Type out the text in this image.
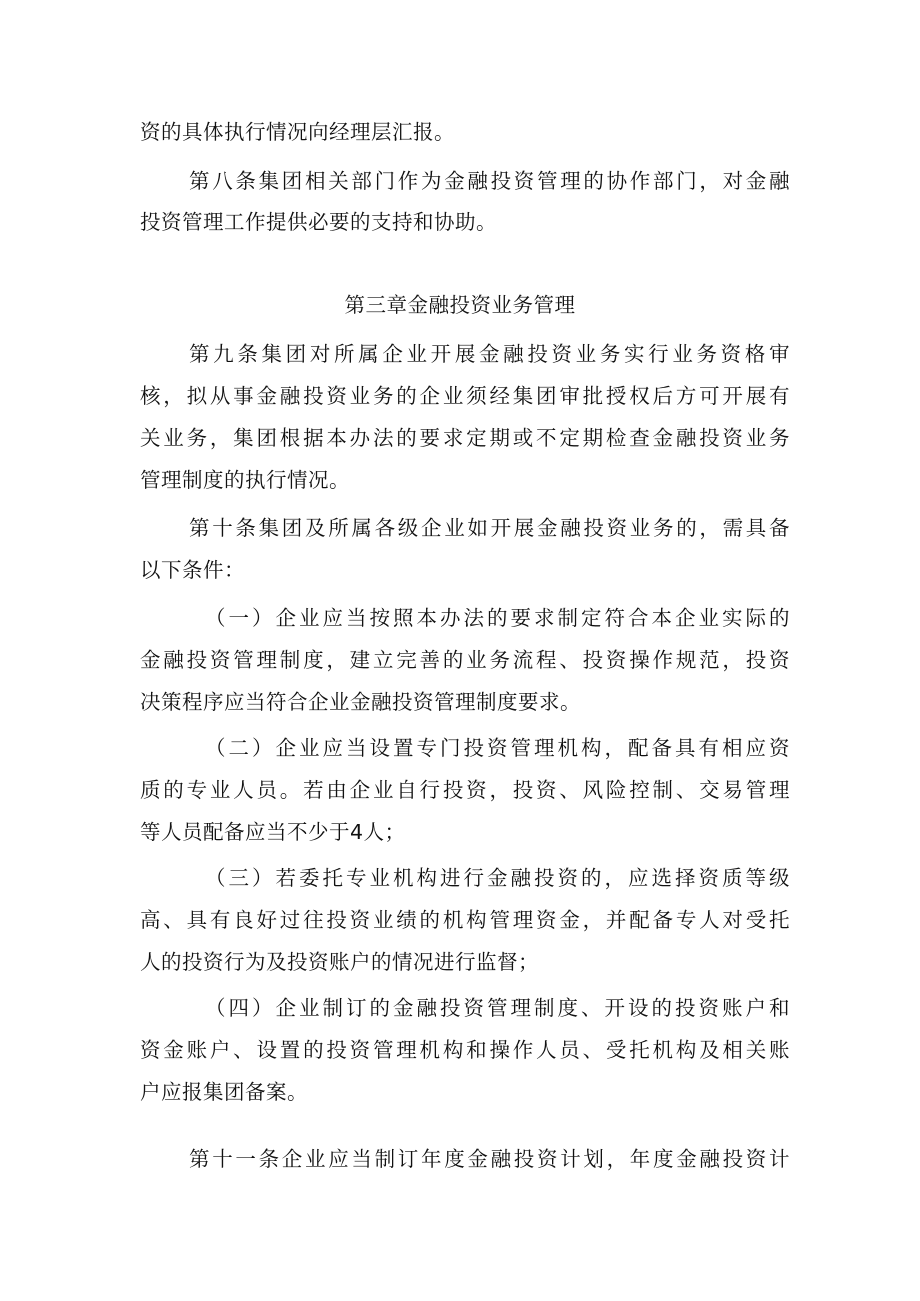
资的具体执行情况向经理层汇报。
第八条集团相关部门作为金融投资管理的协作部门，对金融
投资管理工作提供必要的支持和协助。
第三章金融投资业务管理
第九条集团对所属企业开展金融投资业务实行业务资格审
核，拟从事金融投资业务的企业须经集团审批授权后方可开展有
关业务，集团根据本办法的要求定期或不定期检查金融投资业务
管理制度的执行情况。
第十条集团及所属各级企业如开展金融投资业务的，需具备
以下条件：
（一）企业应当按照本办法的要求制定符合本企业实际的
金融投资管理制度，建立完善的业务流程、投资操作规范，投资
决策程序应当符合企业金融投资管理制度要求。
（二）企业应当设置专门投资管理机构，配备具有相应资
质的专业人员。若由企业自行投资，投资、风险控制、交易管理
等人员配备应当不少于4人；
（三）若委托专业机构进行金融投资的，应选择资质等级
高、具有良好过往投资业绩的机构管理资金，并配备专人对受托
人的投资行为及投资账户的情况进行监督；
（四）企业制订的金融投资管理制度、开设的投资账户和
资金账户、设置的投资管理机构和操作人员、受托机构及相关账
户应报集团备案。
第十一条企业应当制订年度金融投资计划，年度金融投资计
